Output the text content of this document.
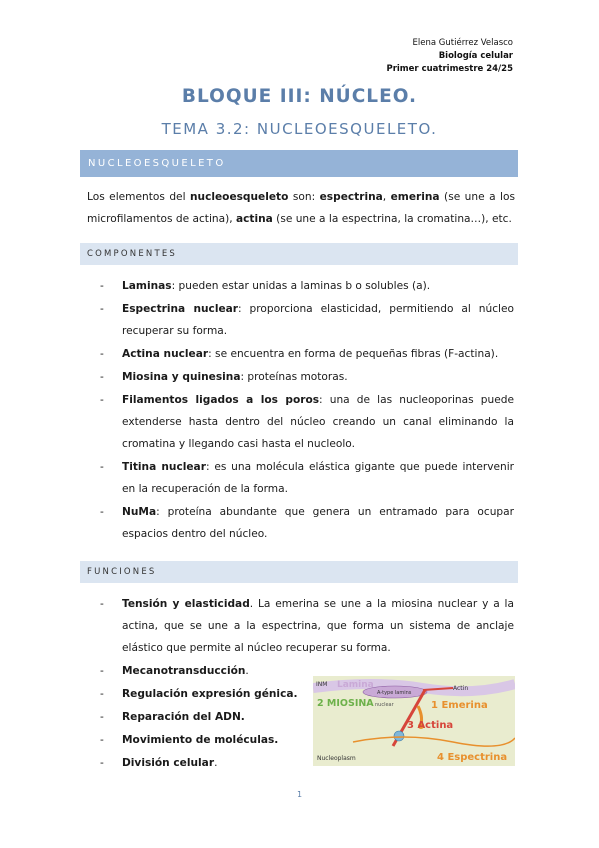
Elena Gutiérrez Velasco
Biología celular
Primer cuatrimestre 24/25
BLOQUE III: NÚCLEO.
TEMA 3.2: NUCLEOESQUELETO.
NUCLEOESQUELETO
Los elementos del nucleoesqueleto son: espectrina, emerina (se une a los microfilamentos de actina), actina (se une a la espectrina, la cromatina…), etc.
COMPONENTES
- Laminas: pueden estar unidas a laminas b o solubles (a).
- Espectrina nuclear: proporciona elasticidad, permitiendo al núcleo recuperar su forma.
- Actina nuclear: se encuentra en forma de pequeñas fibras (F-actina).
- Miosina y quinesina: proteínas motoras.
- Filamentos ligados a los poros: una de las nucleoporinas puede extenderse hasta dentro del núcleo creando un canal eliminando la cromatina y llegando casi hasta el nucleolo.
- Titina nuclear: es una molécula elástica gigante que puede intervenir en la recuperación de la forma.
- NuMa: proteína abundante que genera un entramado para ocupar espacios dentro del núcleo.
FUNCIONES
- Tensión y elasticidad. La emerina se une a la miosina nuclear y a la actina, que se une a la espectrina, que forma un sistema de anclaje elástico que permite al núcleo recuperar su forma.
- Mecanotransducción.
- Regulación expresión génica.
- Reparación del ADN.
- Movimiento de moléculas.
- División celular.
INM Lamina
A-type lamins
Actin
2 MIOSINA nuclear	1 Emerina
3 Actina
Nucleoplasm	4 Espectrina
1
